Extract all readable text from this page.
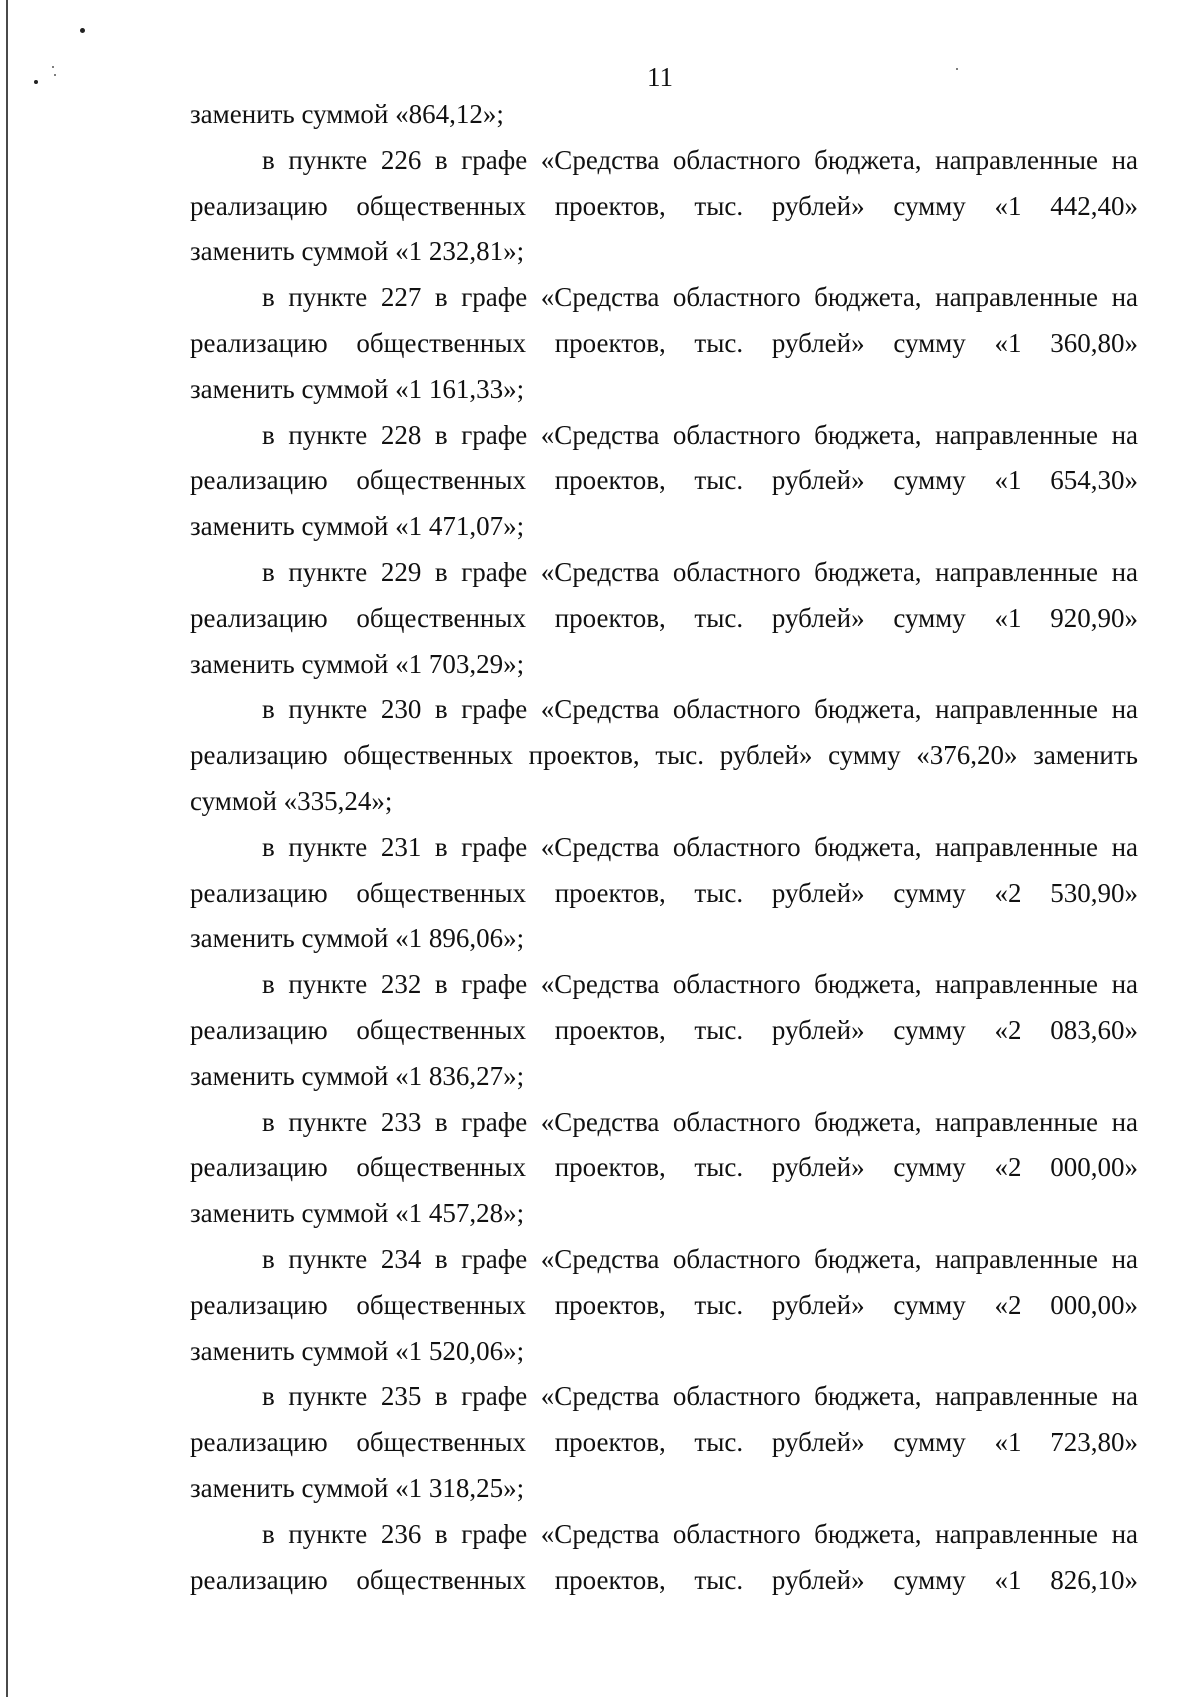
11
заменить суммой «864,12»;
в пункте 226 в графе «Средства областного бюджета, направленные на
реализацию общественных проектов, тыс. рублей» сумму «1 442,40»
заменить суммой «1 232,81»;
в пункте 227 в графе «Средства областного бюджета, направленные на
реализацию общественных проектов, тыс. рублей» сумму «1 360,80»
заменить суммой «1 161,33»;
в пункте 228 в графе «Средства областного бюджета, направленные на
реализацию общественных проектов, тыс. рублей» сумму «1 654,30»
заменить суммой «1 471,07»;
в пункте 229 в графе «Средства областного бюджета, направленные на
реализацию общественных проектов, тыс. рублей» сумму «1 920,90»
заменить суммой «1 703,29»;
в пункте 230 в графе «Средства областного бюджета, направленные на
реализацию общественных проектов, тыс. рублей» сумму «376,20» заменить
суммой «335,24»;
в пункте 231 в графе «Средства областного бюджета, направленные на
реализацию общественных проектов, тыс. рублей» сумму «2 530,90»
заменить суммой «1 896,06»;
в пункте 232 в графе «Средства областного бюджета, направленные на
реализацию общественных проектов, тыс. рублей» сумму «2 083,60»
заменить суммой «1 836,27»;
в пункте 233 в графе «Средства областного бюджета, направленные на
реализацию общественных проектов, тыс. рублей» сумму «2 000,00»
заменить суммой «1 457,28»;
в пункте 234 в графе «Средства областного бюджета, направленные на
реализацию общественных проектов, тыс. рублей» сумму «2 000,00»
заменить суммой «1 520,06»;
в пункте 235 в графе «Средства областного бюджета, направленные на
реализацию общественных проектов, тыс. рублей» сумму «1 723,80»
заменить суммой «1 318,25»;
в пункте 236 в графе «Средства областного бюджета, направленные на
реализацию общественных проектов, тыс. рублей» сумму «1 826,10»
